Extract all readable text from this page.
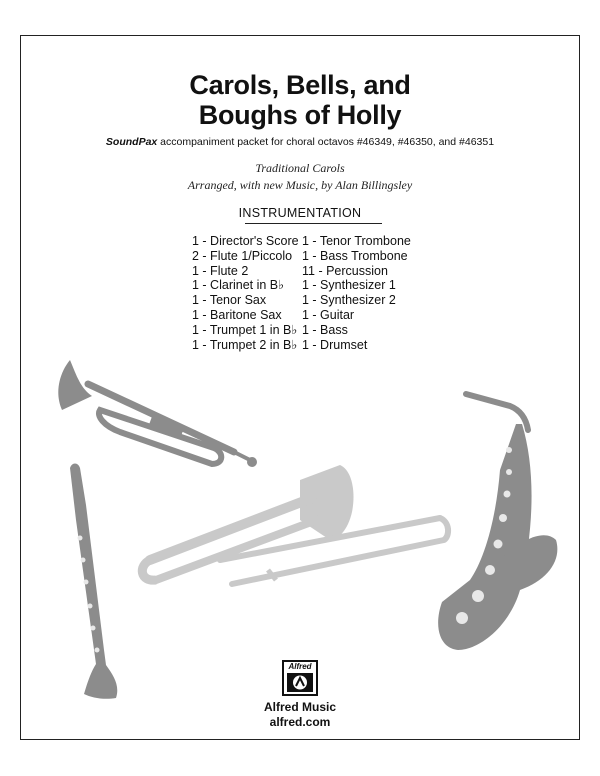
Carols, Bells, and
Boughs of Holly
SoundPax accompaniment packet for choral octavos #46349, #46350, and #46351
Traditional Carols
Arranged, with new Music, by Alan Billingsley
INSTRUMENTATION
1 - Director's Score
2 - Flute 1/Piccolo
1 - Flute 2
1 - Clarinet in B♭
1 - Tenor Sax
1 - Baritone Sax
1 - Trumpet 1 in B♭
1 - Trumpet 2 in B♭
1 - Tenor Trombone
1 - Bass Trombone
11 - Percussion
1 - Synthesizer 1
1 - Synthesizer 2
1 - Guitar
1 - Bass
1 - Drumset
Alfred
Alfred Music
alfred.com
